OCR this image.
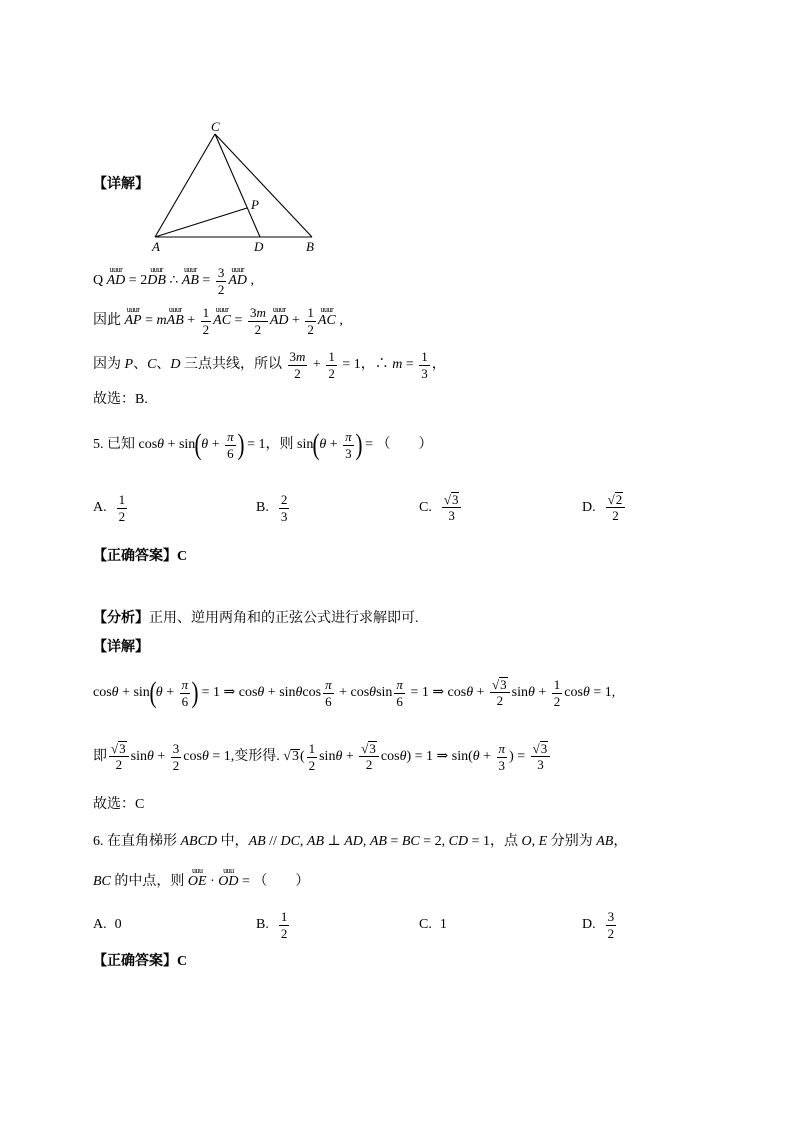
C
P
A	D	B
【详解】
Q
uuur
AD = 2
uuur
DB ∴
uuur
AB = $\frac{3}{2}$ uuur
AD ,
因此
uuur
AP = m
uuur
AB + $\frac{1}{2}$ uuur
AC = $\frac{3 m}{2}$ uuur
AD + $\frac{1}{2}$ uuur
AC ,
因为 P 、 C 、 D 三点共线，所以 $\frac{3 m}{2} + \frac{1}{2} = 1$，∴ $m = \frac{1}{3}$ ，
故选：B.
5. 已知 cos θ + sin ( $\theta + \frac{\pi}{6}$ ) = 1，则 sin ( $\theta + \frac{\pi}{3}$ ) = （　　）
A. $\frac{1}{2}$	B. $\frac{2}{3}$	C. $\frac{√ 3}{3}$	D. $\frac{√ 2}{2}$
【正确答案】C
【分析】 正用、逆用两角和的正弦公式进行求解即可.
【详解】
cos θ + sin ( $\theta + \frac{\pi}{6}$ ) = 1 ⇒ cos θ + sin θ $\cos \frac{\pi}{6} + \cos \theta$ $\sin \frac{\pi}{6} = 1$ ⇒ $\cos \theta + \frac{√ 3}{2}$ $\sin \theta + \frac{1}{2}$ cos θ = 1,
即 $\frac{√ 3}{2}$ $\sin \theta + \frac{3}{2}$ cos θ = 1,变形得. √ 3 ( $\frac{1}{2}$ $\sin \theta + \frac{√ 3}{2}$ cos θ ) = 1 ⇒ sin( $\theta + \frac{\pi}{3}$ ) = $\frac{√ 3}{3}$
故选：C
6. 在直角梯形 ABCD 中， AB // DC , AB ⊥ AD , AB = BC = 2, CD = 1，点 O , E 分别为 AB ，
BC 的中点，则
uuu
OE ·
uuu
OD = （　　）
A. 0	B. $\frac{1}{2}$	C. 1	D. $\frac{3}{2}$
【正确答案】C
